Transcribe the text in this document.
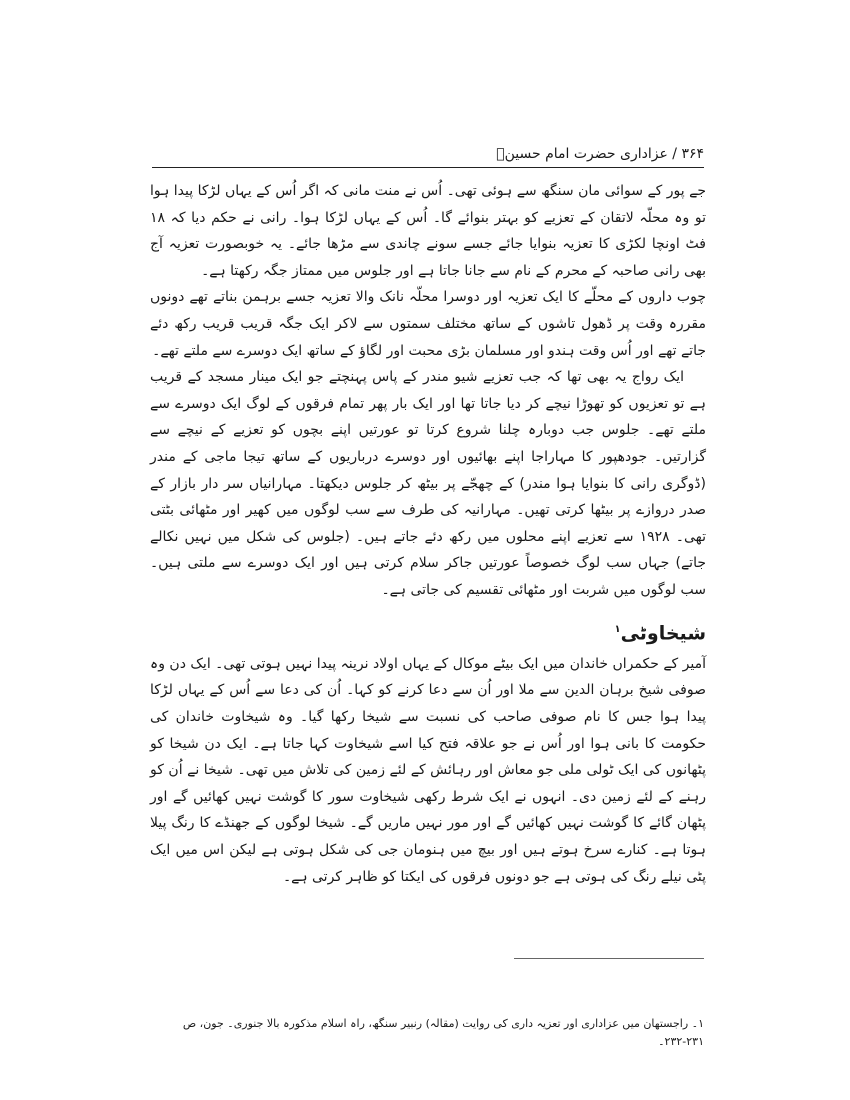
۳۶۴ / عزاداری حضرت امام حسینؑ

جے پور کے سوائی مان سنگھ سے ہوئی تھی۔ اُس نے منت مانی کہ اگر اُس کے یہاں لڑکا پیدا ہوا تو وہ محلّہ لاتقان کے تعزیے کو بہتر بنوائے گا۔ اُس کے یہاں لڑکا ہوا۔ رانی نے حکم دیا کہ ۱۸ فٹ اونچا لکڑی کا تعزیہ بنوایا جائے جسے سونے چاندی سے مڑھا جائے۔ یہ خوبصورت تعزیہ آج بھی رانی صاحبہ کے محرم کے نام سے جانا جاتا ہے اور جلوس میں ممتاز جگہ رکھتا ہے۔

چوب داروں کے محلّے کا ایک تعزیہ اور دوسرا محلّہ نانک والا تعزیہ جسے برہمن بناتے تھے دونوں مقررہ وقت پر ڈھول تاشوں کے ساتھ مختلف سمتوں سے لاکر ایک جگہ قریب قریب رکھ دئے جاتے تھے اور اُس وقت ہندو اور مسلمان بڑی محبت اور لگاؤ کے ساتھ ایک دوسرے سے ملتے تھے۔

ایک رواج یہ بھی تھا کہ جب تعزیے شیو مندر کے پاس پہنچتے جو ایک مینار مسجد کے قریب ہے تو تعزیوں کو تھوڑا نیچے کر دیا جاتا تھا اور ایک بار پھر تمام فرقوں کے لوگ ایک دوسرے سے ملتے تھے۔ جلوس جب دوبارہ چلنا شروع کرتا تو عورتیں اپنے بچوں کو تعزیے کے نیچے سے گزارتیں۔ جودھپور کا مہاراجا اپنے بھائیوں اور دوسرے درباریوں کے ساتھ تیجا ماجی کے مندر (ڈوگری رانی کا بنوایا ہوا مندر) کے چھجّے پر بیٹھ کر جلوس دیکھتا۔ مہارانیاں سر دار بازار کے صدر دروازے پر بیٹھا کرتی تھیں۔ مہارانیہ کی طرف سے سب لوگوں میں کھیر اور مٹھائی بٹتی تھی۔ ۱۹۲۸ سے تعزیے اپنے محلوں میں رکھ دئے جاتے ہیں۔ (جلوس کی شکل میں نہیں نکالے جاتے) جہاں سب لوگ خصوصاً عورتیں جاکر سلام کرتی ہیں اور ایک دوسرے سے ملتی ہیں۔ سب لوگوں میں شربت اور مٹھائی تقسیم کی جاتی ہے۔

شیخاوٹی$^۱$

آمیر کے حکمراں خاندان میں ایک بیٹے موکال کے یہاں اولاد نرینہ پیدا نہیں ہوتی تھی۔ ایک دن وہ صوفی شیخ برہان الدین سے ملا اور اُن سے دعا کرنے کو کہا۔ اُن کی دعا سے اُس کے یہاں لڑکا پیدا ہوا جس کا نام صوفی صاحب کی نسبت سے شیخا رکھا گیا۔ وہ شیخاوت خاندان کی حکومت کا بانی ہوا اور اُس نے جو علاقہ فتح کیا اسے شیخاوت کہا جاتا ہے۔ ایک دن شیخا کو پٹھانوں کی ایک ٹولی ملی جو معاش اور رہائش کے لئے زمین کی تلاش میں تھی۔ شیخا نے اُن کو رہنے کے لئے زمین دی۔ انہوں نے ایک شرط رکھی شیخاوت سور کا گوشت نہیں کھائیں گے اور پٹھان گائے کا گوشت نہیں کھائیں گے اور مور نہیں ماریں گے۔ شیخا لوگوں کے جھنڈے کا رنگ پیلا ہوتا ہے۔ کنارے سرخ ہوتے ہیں اور بیچ میں ہنومان جی کی شکل ہوتی ہے لیکن اس میں ایک پٹی نیلے رنگ کی ہوتی ہے جو دونوں فرقوں کی ایکتا کو ظاہر کرتی ہے۔

۱۔ راجستھان میں عزاداری اور تعزیہ داری کی روایت (مقالہ) رنبیر سنگھ، راہ اسلام مذکورہ بالا جنوری۔ جون، ص ۲۳۱-۲۳۲۔
